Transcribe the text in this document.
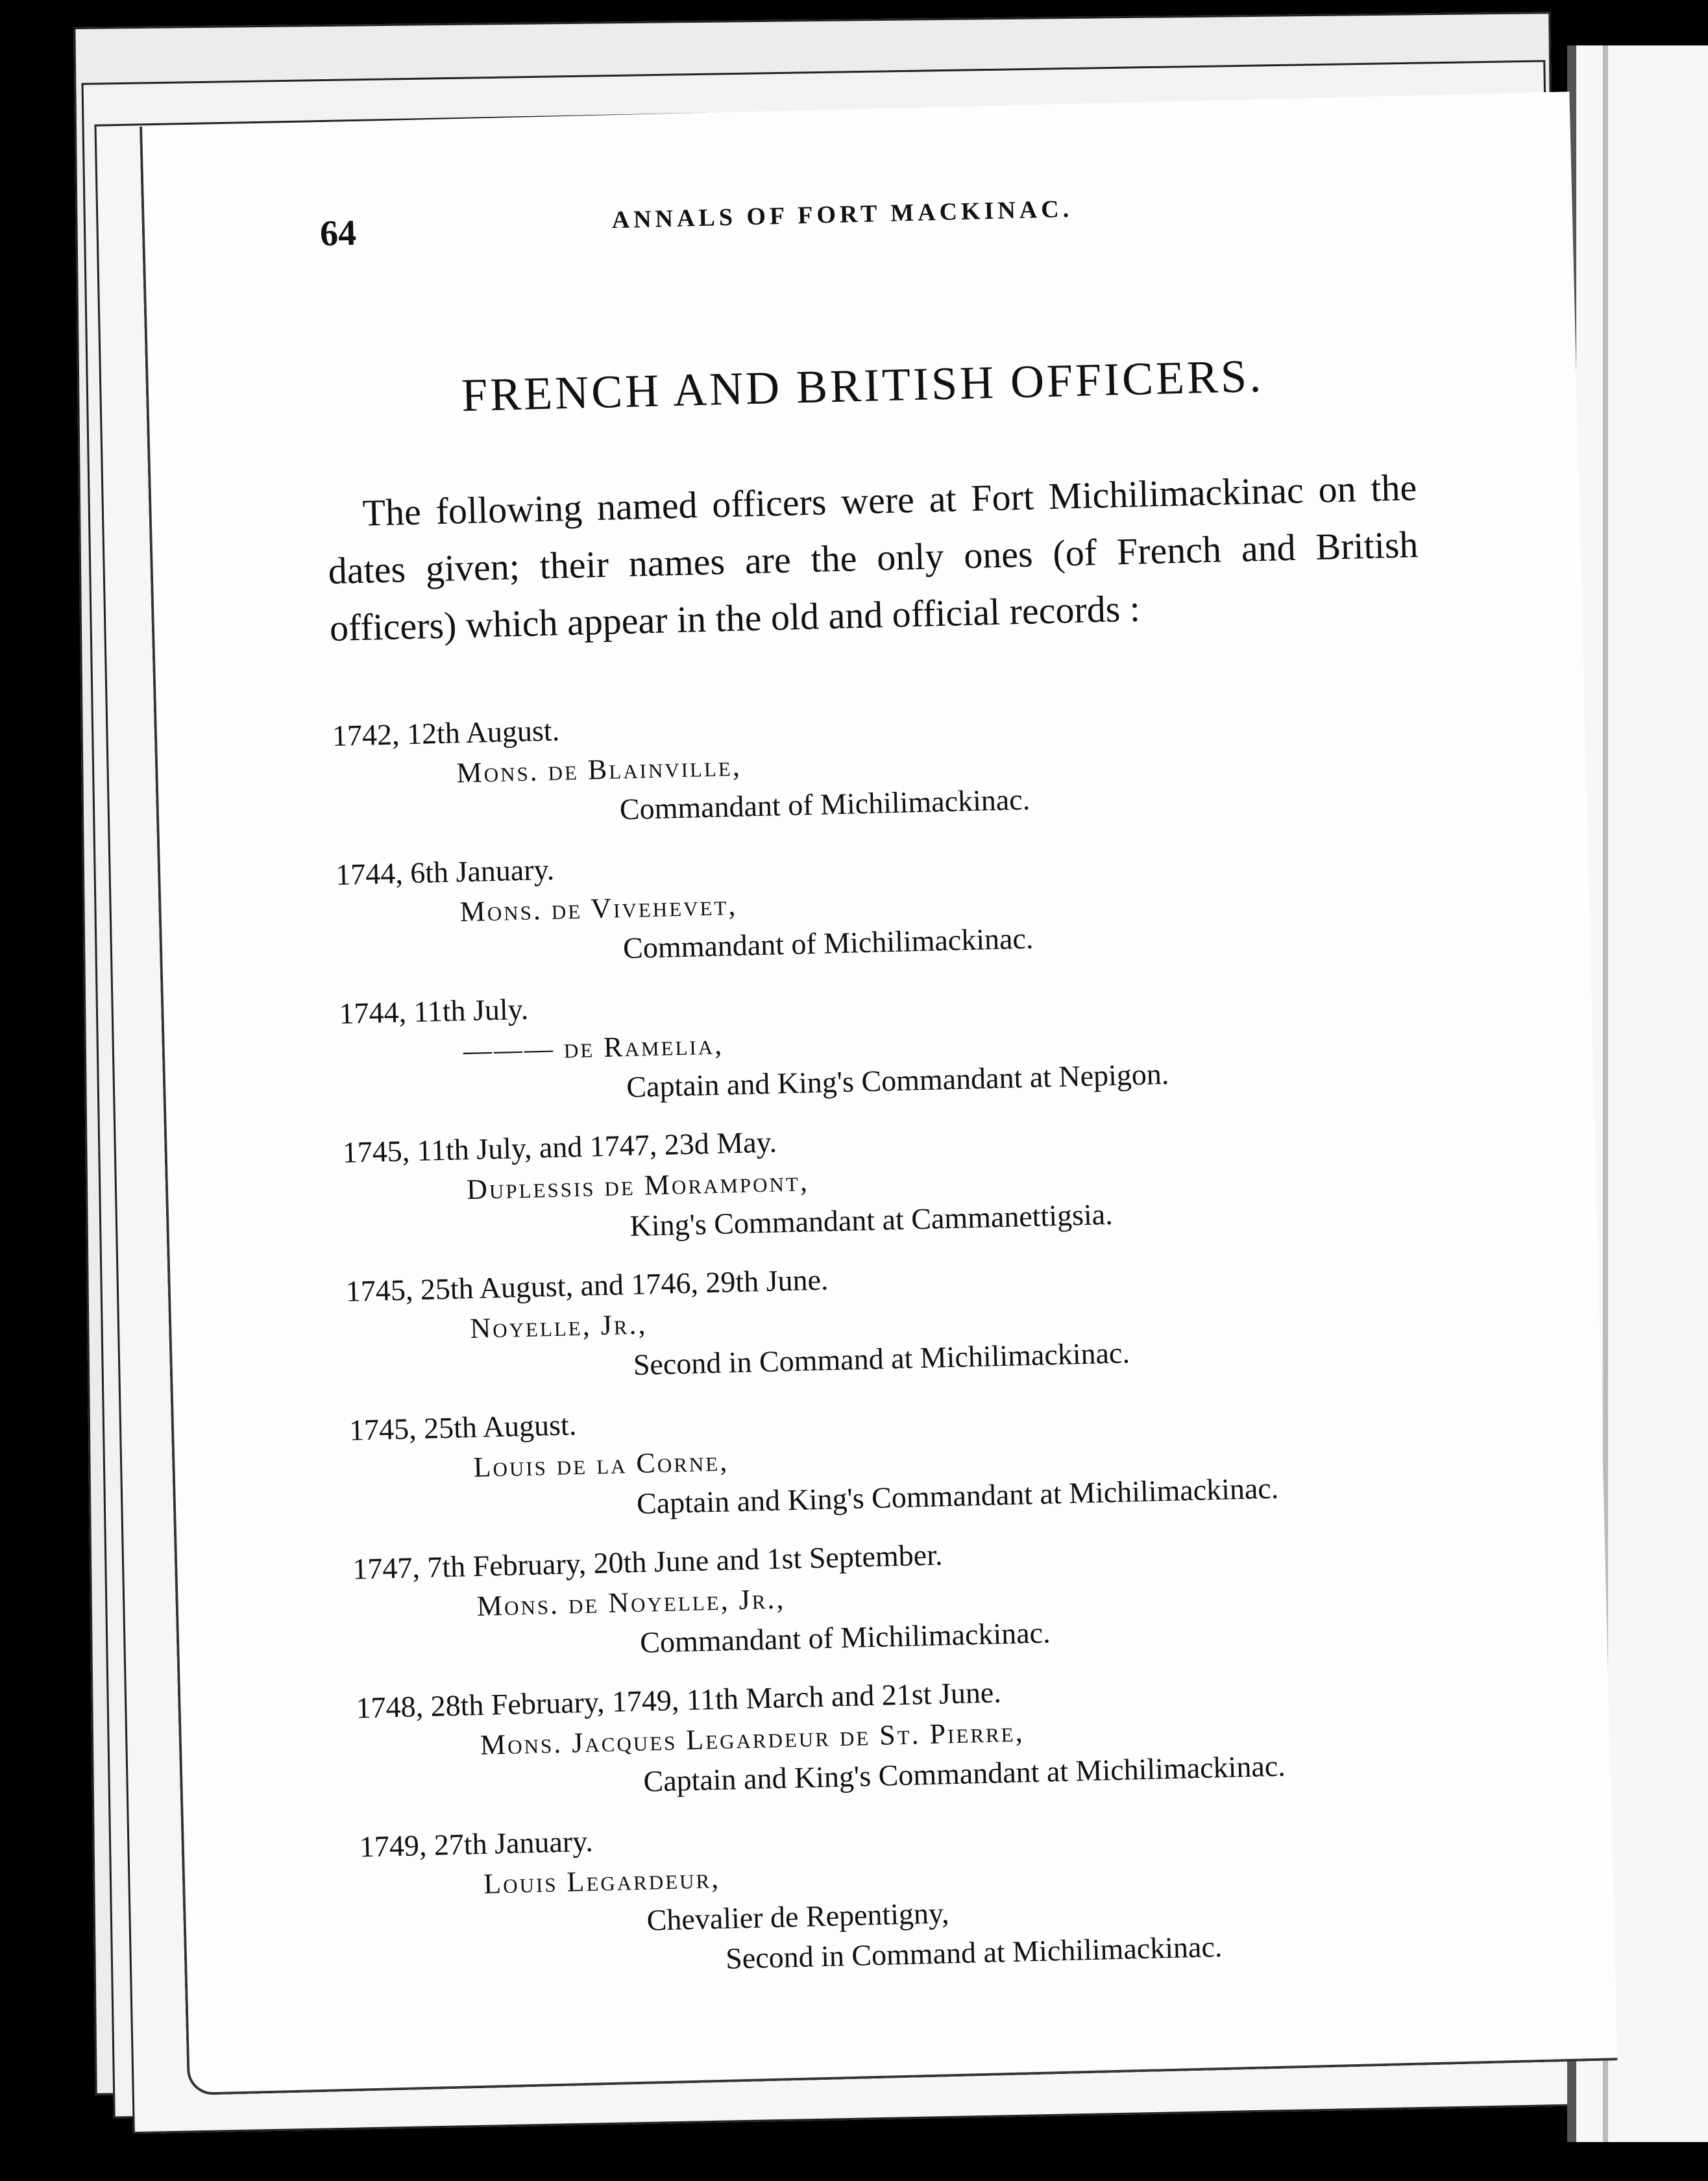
64	ANNALS OF FORT MACKINAC.
FRENCH AND BRITISH OFFICERS.

The following named officers were at Fort Michilimackinac on the dates given; their names are the only ones (of French and British officers) which appear in the old and official records :

1742, 12th August.
Mons. de Blainville,
Commandant of Michilimackinac.
1744, 6th January.
Mons. de Vivehevet,
Commandant of Michilimackinac.
1744, 11th July.
——— de Ramelia,
Captain and King's Commandant at Nepigon.
1745, 11th July, and 1747, 23d May.
Duplessis de Morampont,
King's Commandant at Cammanettigsia.
1745, 25th August, and 1746, 29th June.
Noyelle, Jr.,
Second in Command at Michilimackinac.
1745, 25th August.
Louis de la Corne,
Captain and King's Commandant at Michilimackinac.
1747, 7th February, 20th June and 1st September.
Mons. de Noyelle, Jr.,
Commandant of Michilimackinac.
1748, 28th February, 1749, 11th March and 21st June.
Mons. Jacques Legardeur de St. Pierre,
Captain and King's Commandant at Michilimackinac.
1749, 27th January.
Louis Legardeur,
Chevalier de Repentigny,
Second in Command at Michilimackinac.
